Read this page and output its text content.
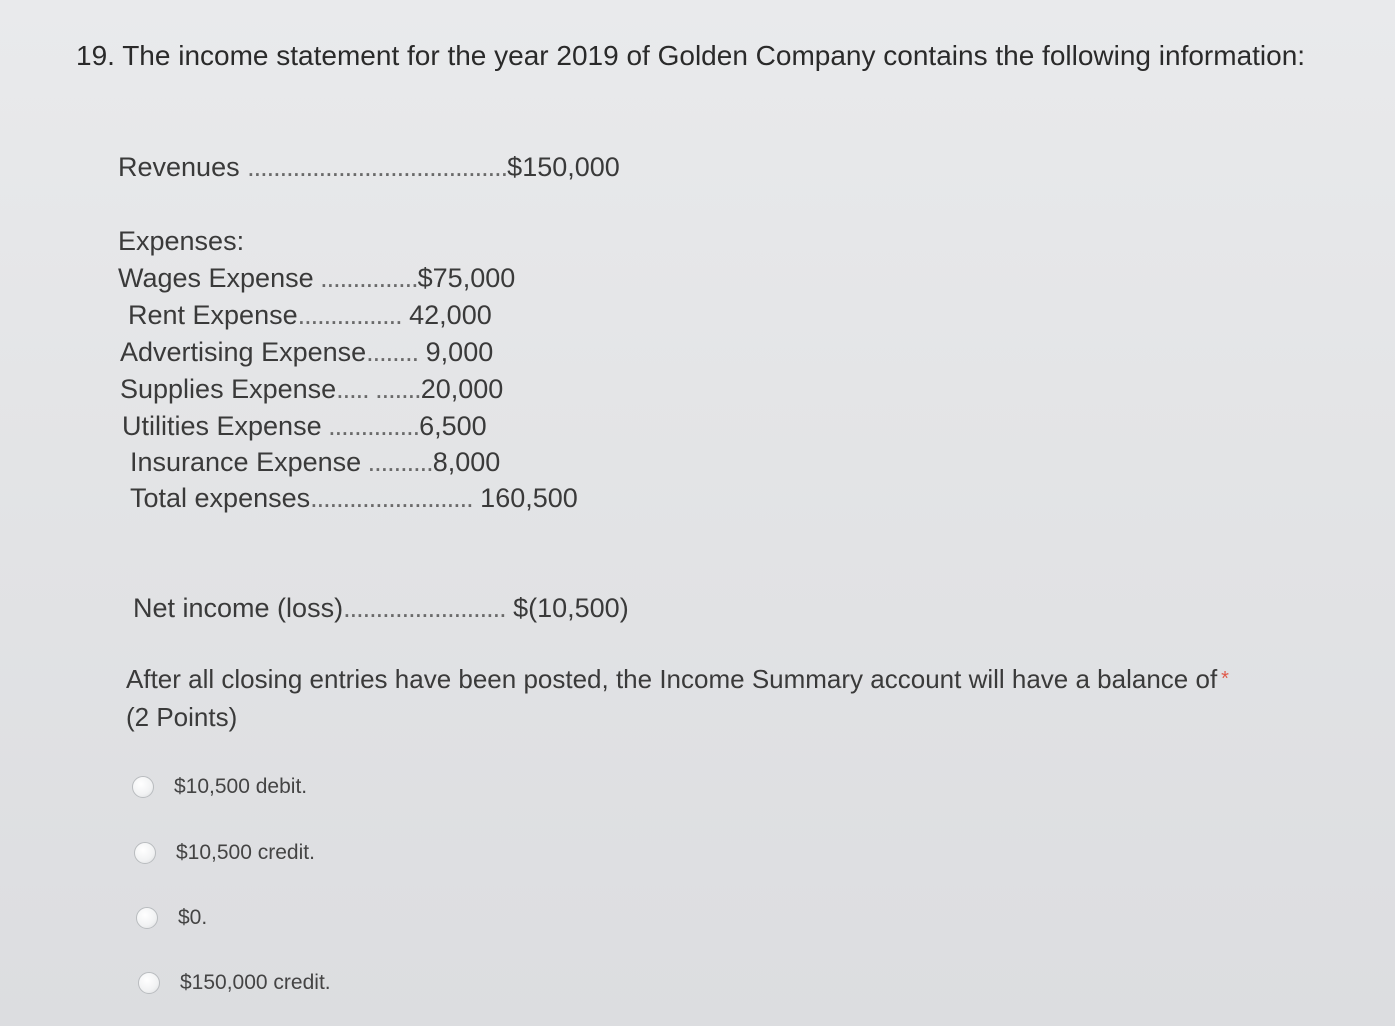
19. The income statement for the year 2019 of Golden Company contains the following information:
Revenues ........................................$150,000
Expenses:
Wages Expense ...............$75,000
Rent Expense................ 42,000
Advertising Expense........ 9,000
Supplies Expense..... .......20,000
Utilities Expense ..............6,500
Insurance Expense ..........8,000
Total expenses......................... 160,500
Net income (loss)......................... $(10,500)
After all closing entries have been posted, the Income Summary account will have a balance of *
(2 Points)
$10,500 debit.
$10,500 credit.
$0.
$150,000 credit.
